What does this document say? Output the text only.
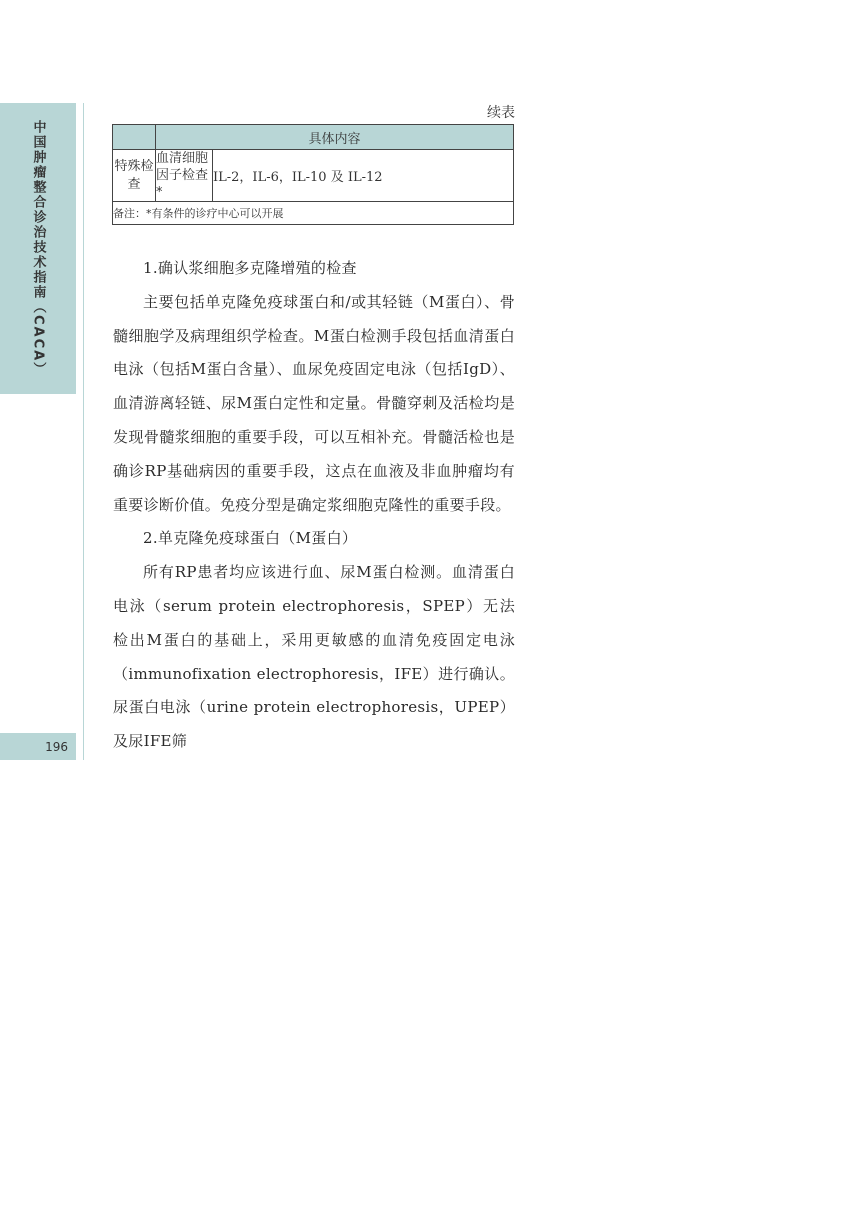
中国肿瘤整合诊治技术指南（CACA）
196
续表
	具体内容	
特殊检查	血清细胞因子检查*	IL-2，IL-6，IL-10 及 IL-12
备注：*有条件的诊疗中心可以开展		

1.确认浆细胞多克隆增殖的检查

主要包括单克隆免疫球蛋白和/或其轻链（M蛋白）、骨髓细胞学及病理组织学检查。M蛋白检测手段包括血清蛋白电泳（包括M蛋白含量）、血尿免疫固定电泳（包括IgD）、血清游离轻链、尿M蛋白定性和定量。骨髓穿刺及活检均是发现骨髓浆细胞的重要手段，可以互相补充。骨髓活检也是确诊RP基础病因的重要手段，这点在血液及非血肿瘤均有重要诊断价值。免疫分型是确定浆细胞克隆性的重要手段。

2.单克隆免疫球蛋白（M蛋白）

所有RP患者均应该进行血、尿M蛋白检测。血清蛋白电泳（serum protein electrophoresis，SPEP）无法检出M蛋白的基础上，采用更敏感的血清免疫固定电泳（immunofixation electrophoresis，IFE）进行确认。尿蛋白电泳（urine protein electrophoresis，UPEP）及尿IFE筛
